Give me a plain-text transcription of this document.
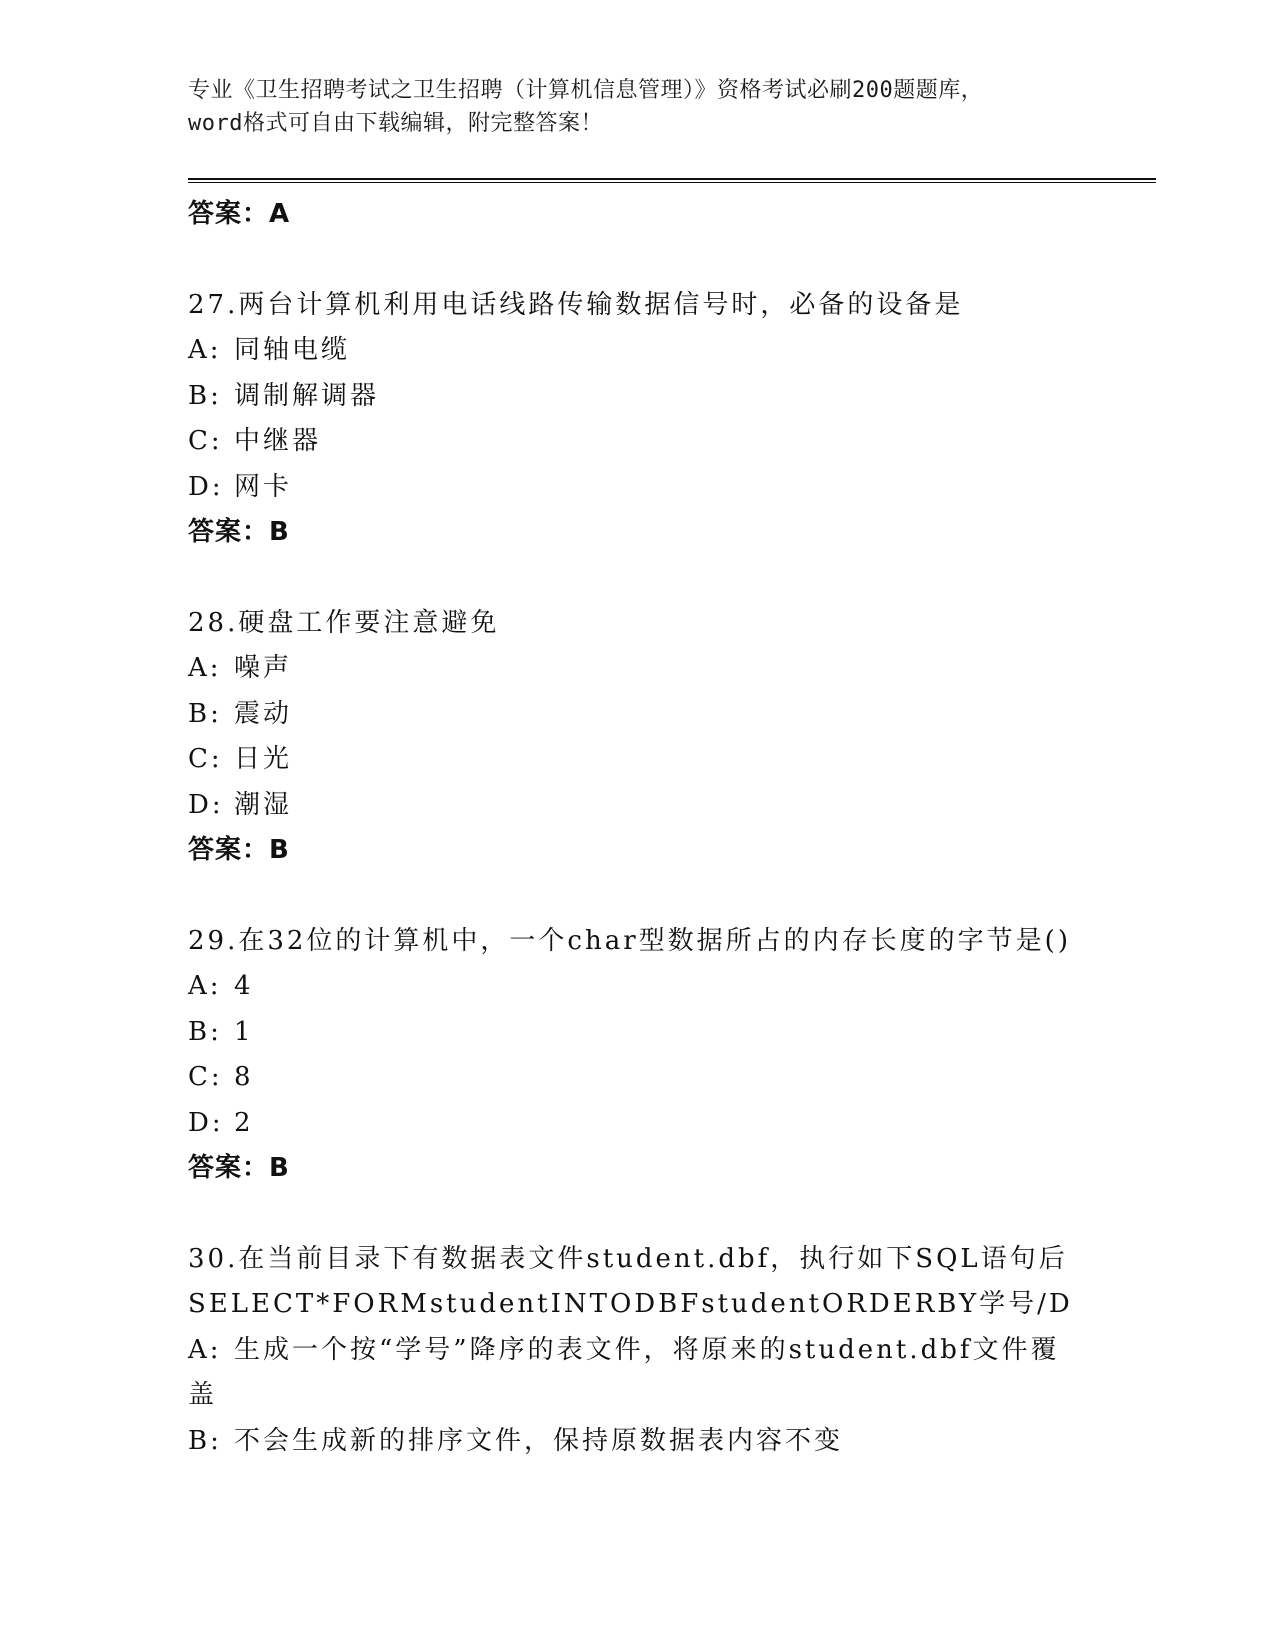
专业《卫生招聘考试之卫生招聘（计算机信息管理）》资格考试必刷200题题库，
word格式可自由下载编辑，附完整答案！
答案：A
27.两台计算机利用电话线路传输数据信号时，必备的设备是
A: 同轴电缆
B: 调制解调器
C: 中继器
D: 网卡
答案：B
28.硬盘工作要注意避免
A: 噪声
B: 震动
C: 日光
D: 潮湿
答案：B
29.在32位的计算机中，一个char型数据所占的内存长度的字节是()
A: 4
B: 1
C: 8
D: 2
答案：B
30.在当前目录下有数据表文件student.dbf，执行如下SQL语句后
SELECT*FORMstudentINTODBFstudentORDERBY学号/D
A: 生成一个按“学号”降序的表文件，将原来的student.dbf文件覆
盖
B: 不会生成新的排序文件，保持原数据表内容不变
